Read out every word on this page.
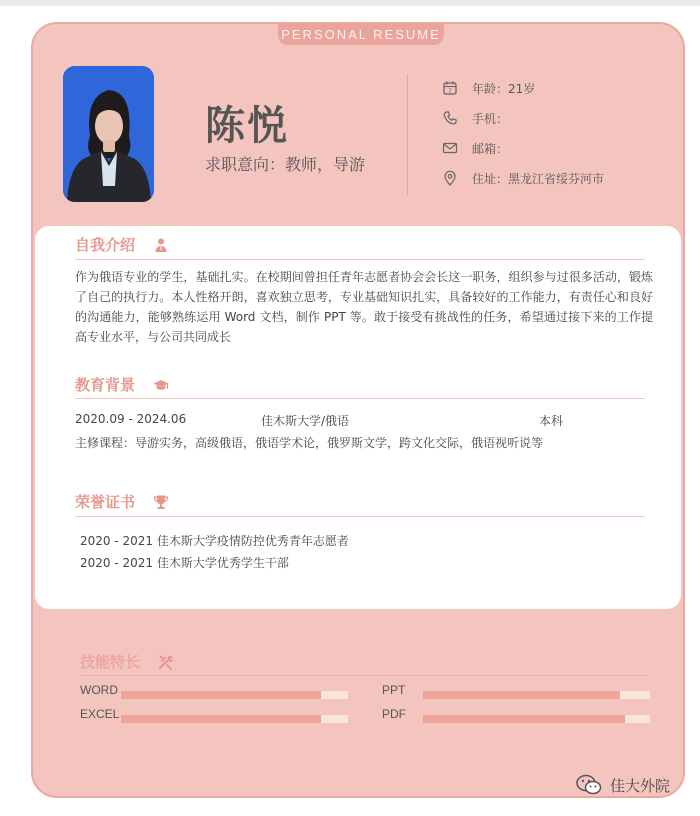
PERSONAL RESUME
陈悦
求职意向：教师，导游
7 年龄：21岁
手机：
邮箱：
住址：黑龙江省绥芬河市
自我介绍
作为俄语专业的学生，基础扎实。在校期间曾担任青年志愿者协会会长这一职务，组织参与过很多活动，锻炼了自己的执行力。本人性格开朗，喜欢独立思考，专业基础知识扎实，具备较好的工作能力，有责任心和良好的沟通能力，能够熟练运用 Word 文档，制作 PPT 等。敢于接受有挑战性的任务，希望通过接下来的工作提高专业水平，与公司共同成长
教育背景
2020.09 - 2024.06	佳木斯大学/俄语	本科
主修课程：导游实务，高级俄语，俄语学术论，俄罗斯文学，跨文化交际，俄语视听说等
荣誉证书
2020 - 2021 佳木斯大学疫情防控优秀青年志愿者
2020 - 2021 佳木斯大学优秀学生干部
技能特长
WORD	PPT
EXCEL	PDF
佳大外院
